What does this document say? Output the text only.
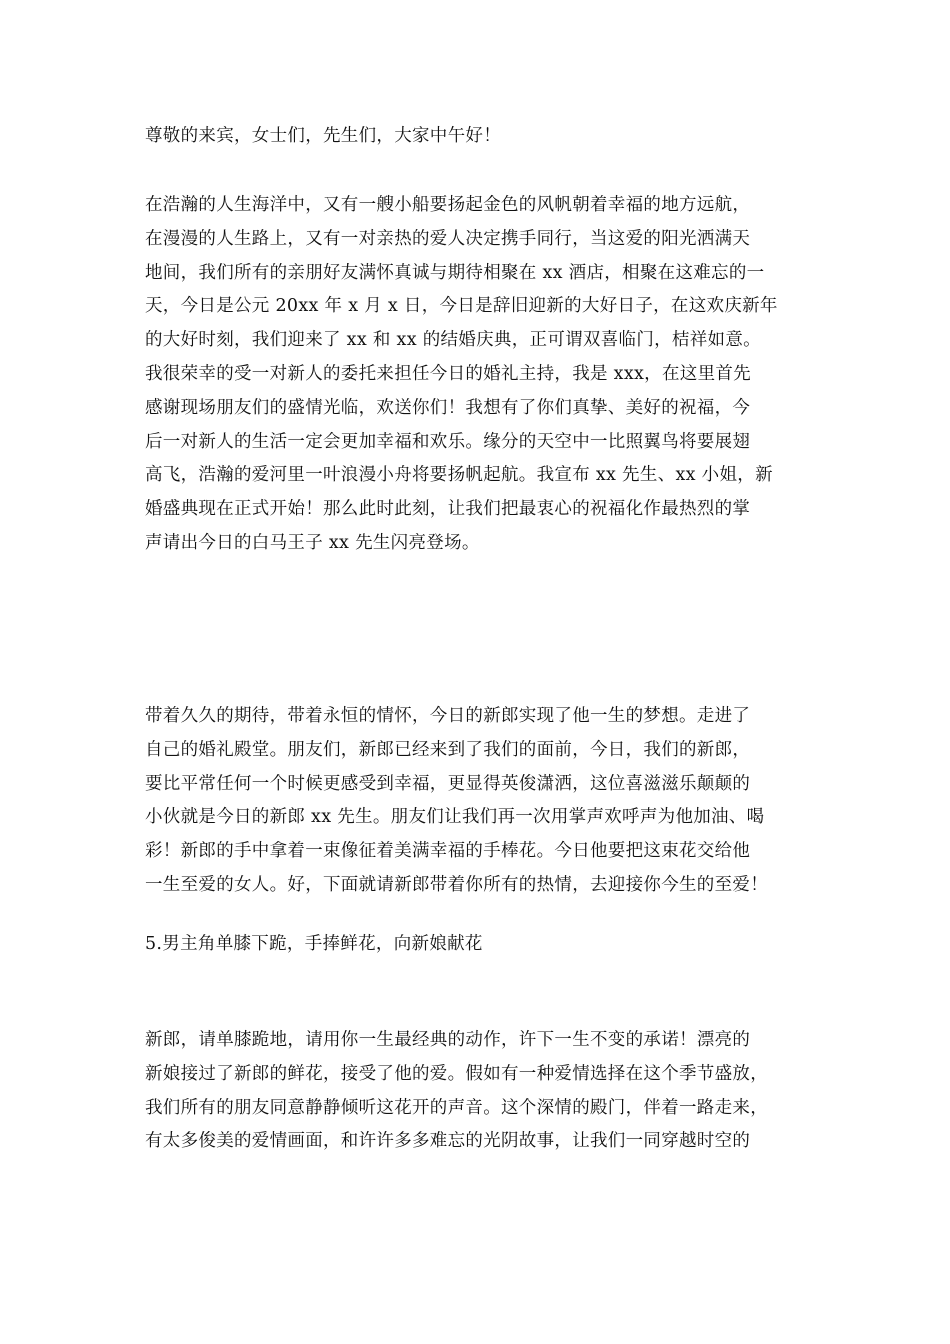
尊敬的来宾，女士们，先生们，大家中午好！

在浩瀚的人生海洋中，又有一艘小船要扬起金色的风帆朝着幸福的地方远航，
在漫漫的人生路上，又有一对亲热的爱人决定携手同行，当这爱的阳光洒满天
地间，我们所有的亲朋好友满怀真诚与期待相聚在 xx 酒店，相聚在这难忘的一
天，今日是公元 20xx 年 x 月 x 日，今日是辞旧迎新的大好日子，在这欢庆新年
的大好时刻，我们迎来了 xx 和 xx 的结婚庆典，正可谓双喜临门，桔祥如意。
我很荣幸的受一对新人的委托来担任今日的婚礼主持，我是 xxx，在这里首先
感谢现场朋友们的盛情光临，欢送你们！我想有了你们真挚、美好的祝福，今
后一对新人的生活一定会更加幸福和欢乐。缘分的天空中一比照翼鸟将要展翅
高飞，浩瀚的爱河里一叶浪漫小舟将要扬帆起航。我宣布 xx 先生、xx 小姐，新
婚盛典现在正式开始！那么此时此刻，让我们把最衷心的祝福化作最热烈的掌
声请出今日的白马王子 xx 先生闪亮登场。

带着久久的期待，带着永恒的情怀，今日的新郎实现了他一生的梦想。走进了
自己的婚礼殿堂。朋友们，新郎已经来到了我们的面前，今日，我们的新郎，
要比平常任何一个时候更感受到幸福，更显得英俊潇洒，这位喜滋滋乐颠颠的
小伙就是今日的新郎 xx 先生。朋友们让我们再一次用掌声欢呼声为他加油、喝
彩！新郎的手中拿着一束像征着美满幸福的手棒花。今日他要把这束花交给他
一生至爱的女人。好，下面就请新郎带着你所有的热情，去迎接你今生的至爱！

5.男主角单膝下跪，手捧鲜花，向新娘献花

新郎，请单膝跪地，请用你一生最经典的动作，许下一生不变的承诺！漂亮的
新娘接过了新郎的鲜花，接受了他的爱。假如有一种爱情选择在这个季节盛放，
我们所有的朋友同意静静倾听这花开的声音。这个深情的殿门，伴着一路走来，
有太多俊美的爱情画面，和许许多多难忘的光阴故事，让我们一同穿越时空的
